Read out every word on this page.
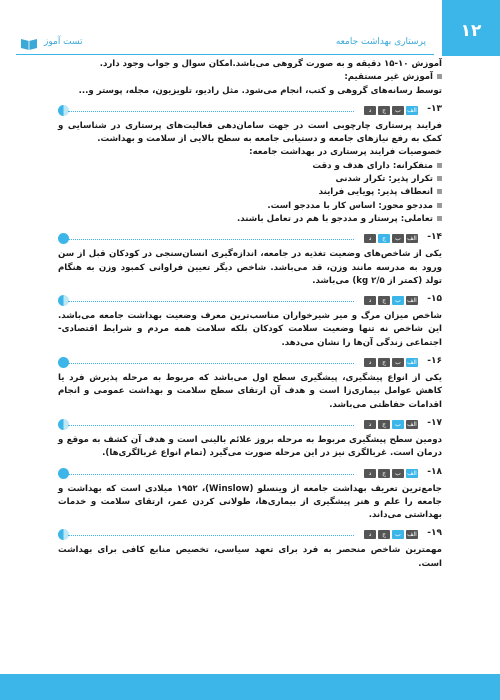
۱۲
پرستاری بهداشت جامعه
تست آموز

آموزش ۱۰-۱۵ دقیقه و به صورت گروهی می‌باشد.امکان سوال و جواب وجود دارد.

آموزش غیر مستقیم:

توسط رسانه‌های گروهی و کتب، انجام می‌شود. مثل رادیو، تلویزیون، مجله، پوستر و...

الفبجد	۱۳-

فرایند پرستاری چارچوبی است در جهت سامان‌دهی فعالیت‌های پرستاری در شناسایی و کمک به رفع نیازهای جامعه و دستیابی جامعه به سطح بالایی از سلامت و بهداشت.

خصوصیات فرایند پرستاری در بهداشت جامعه:

متفکرانه: دارای هدف و دقت

تکرار پذیر: تکرار شدنی

انعطاف پذیر: پویایی فرایند

مددجو محور: اساس کار با مددجو است.

تعاملی: پرستار و مددجو با هم در تعامل باشند.

الفبجد	۱۴-

یکی از شاخص‌های وضعیت تغذیه در جامعه، اندازه‌گیری انسان‌سنجی در کودکان قبل از سن ورود به مدرسه مانند وزن، قد می‌باشد. شاخص دیگر تعیین فراوانی کمبود وزن به هنگام تولد (کمتر از ۲/۵ kg) می‌باشد.

الفبجد	۱۵-

شاخص میزان مرگ و میر شیرخواران مناسب‌ترین معرف وضعیت بهداشت جامعه می‌باشد. این شاخص نه تنها وضعیت سلامت کودکان بلکه سلامت همه مردم و شرایط اقتصادی- اجتماعی زندگی آن‌ها را نشان می‌دهد.

الفبجد	۱۶-

یکی از انواع پیشگیری، پیشگیری سطح اول می‌باشد که مربوط به مرحله پذیرش فرد یا کاهش عوامل بیماری‌زا است و هدف آن ارتقای سطح سلامت و بهداشت عمومی و انجام اقدامات حفاظتی می‌باشد.

الفبجد	۱۷-

دومین سطح پیشگیری مربوط به مرحله بروز علائم بالینی است و هدف آن کشف به موقع و درمان است. غربالگری نیز در این مرحله صورت می‌گیرد (تمام انواع غربالگری‌ها).

الفبجد	۱۸-

جامع‌ترین تعریف بهداشت جامعه از وینسلو (Winslow)، ۱۹۵۲ میلادی است که بهداشت و جامعه را علم و هنر پیشگیری از بیماری‌ها، طولانی کردن عمر، ارتقای سلامت و خدمات بهداشتی می‌داند.

الفبجد	۱۹-

مهمترین شاخص منحصر به فرد برای تعهد سیاسی، تخصیص منابع کافی برای بهداشت است.
